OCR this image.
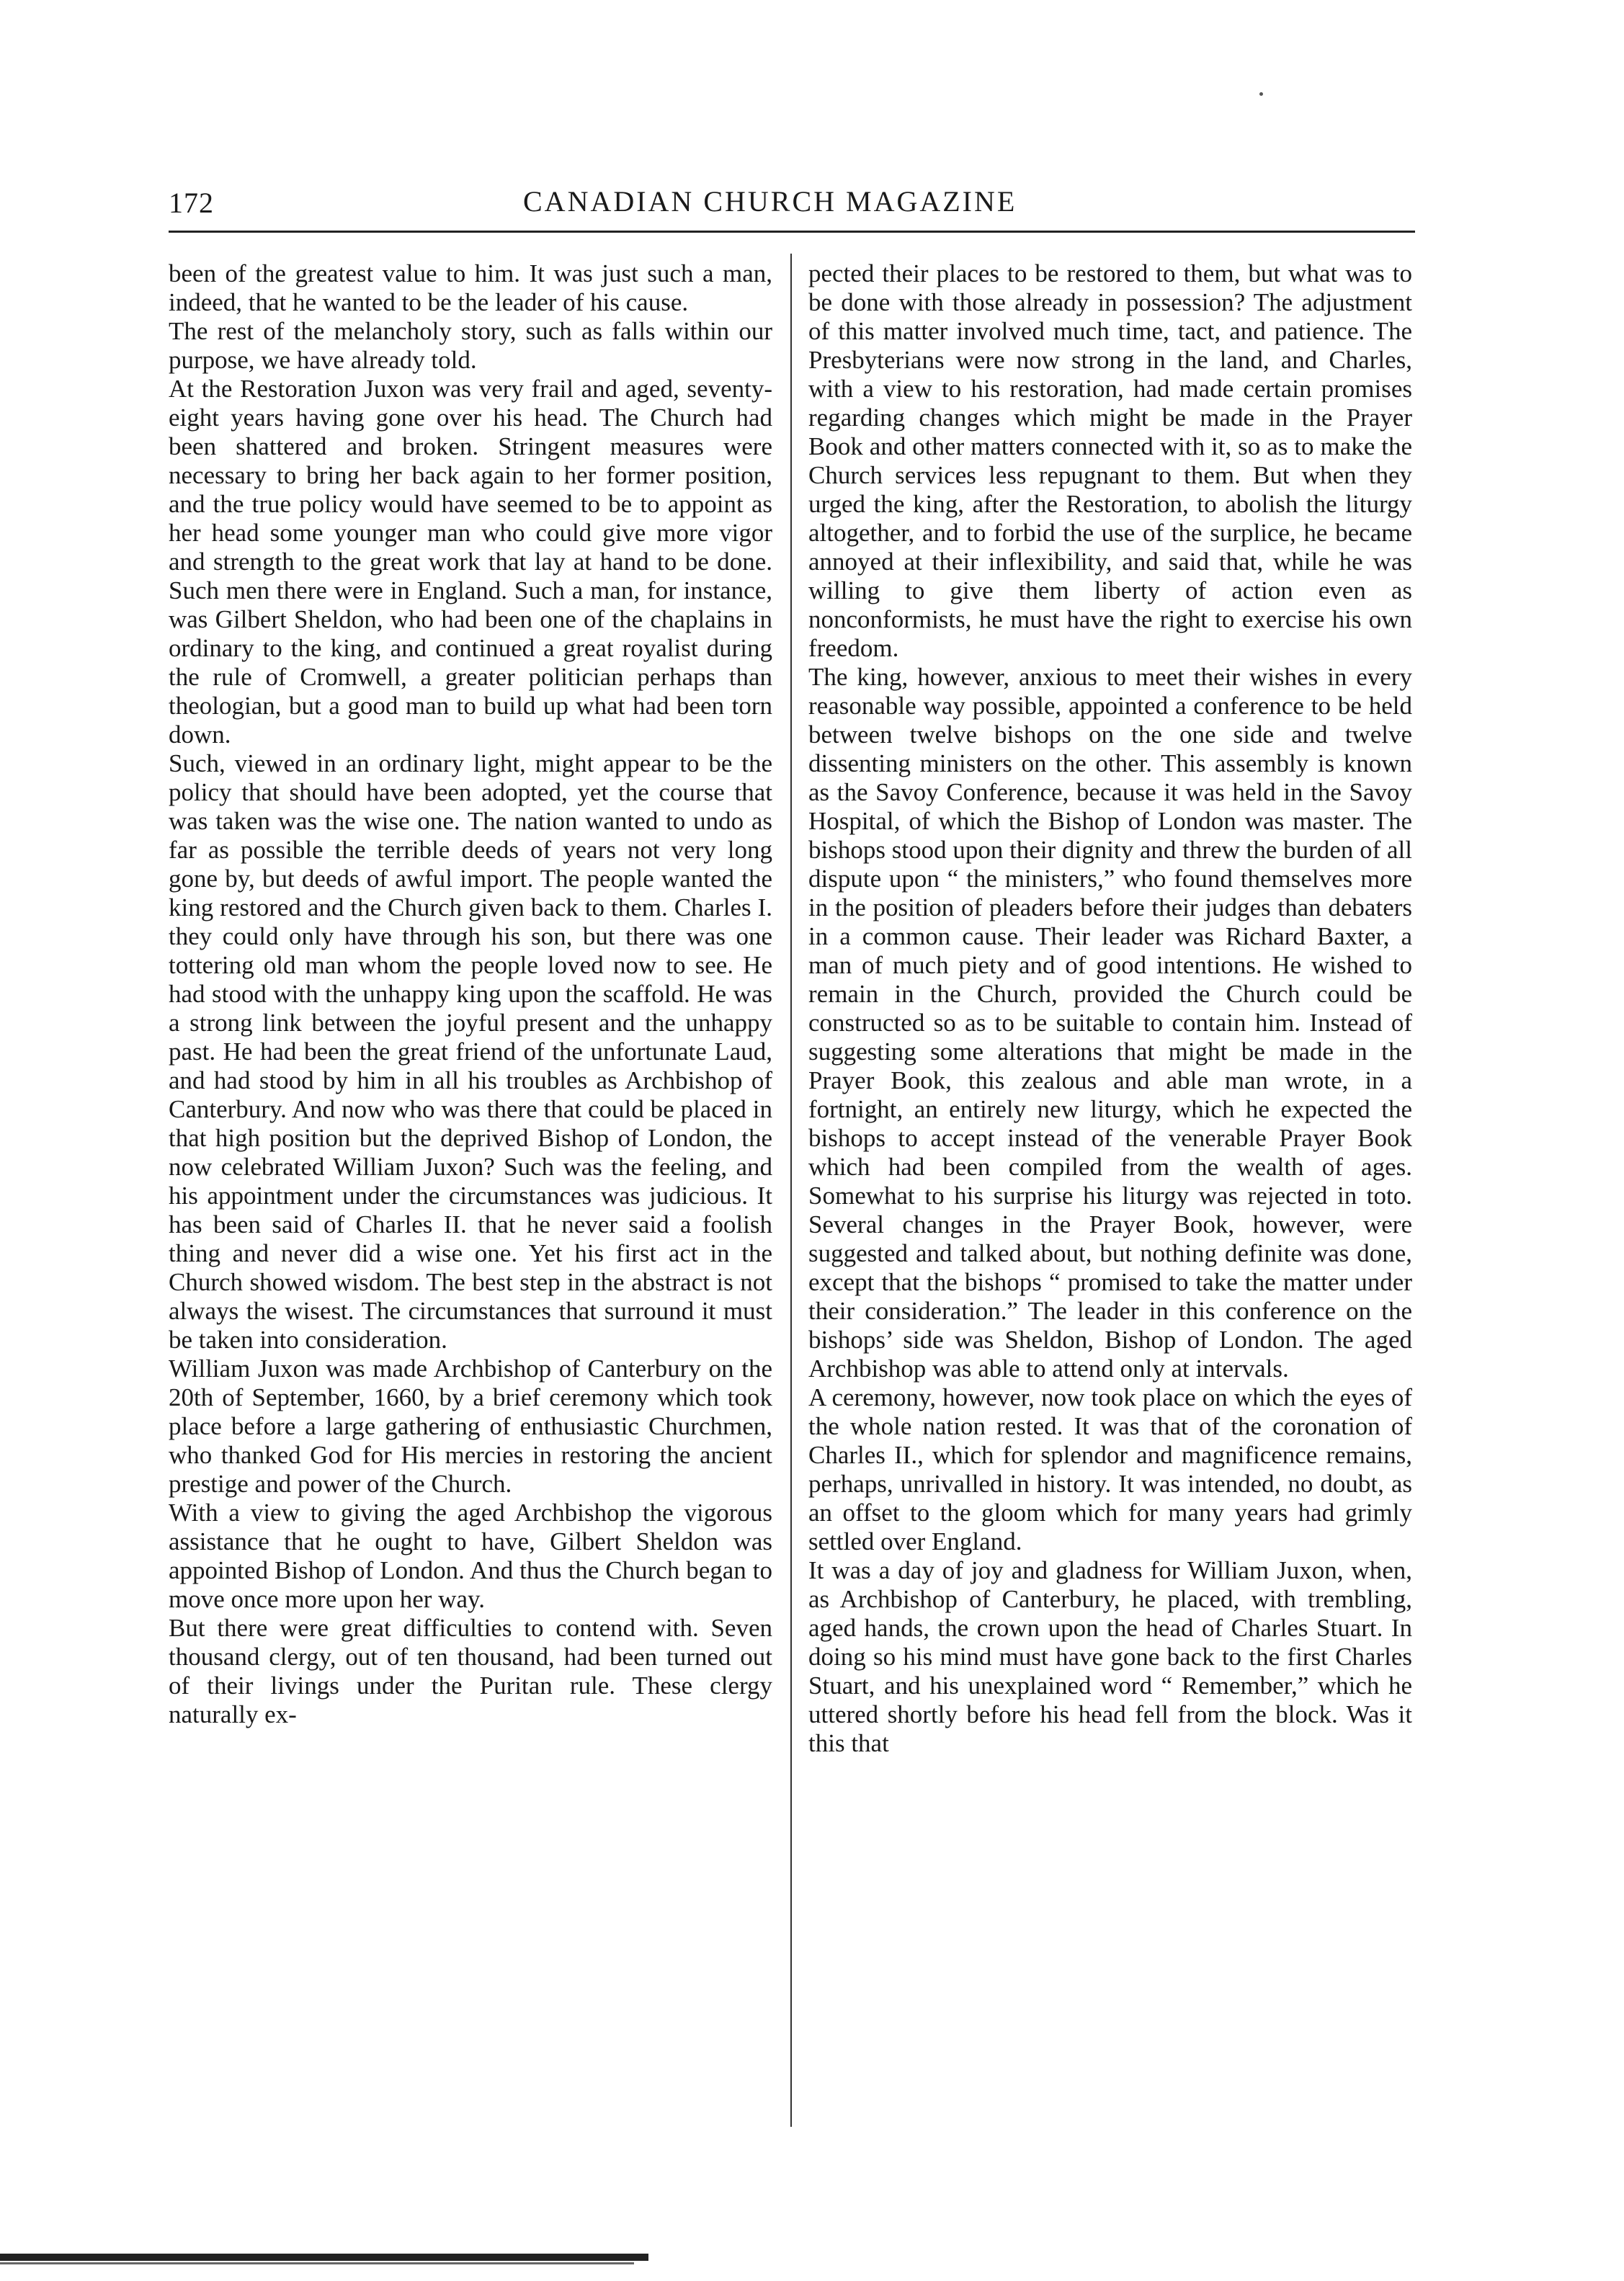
172	CANADIAN CHURCH MAGAZINE

been of the greatest value to him. It was just such a man, indeed, that he wanted to be the leader of his cause.

The rest of the melancholy story, such as falls within our purpose, we have already told.

At the Restoration Juxon was very frail and aged, seventy-eight years having gone over his head. The Church had been shattered and broken. Stringent measures were necessary to bring her back again to her former position, and the true policy would have seemed to be to appoint as her head some younger man who could give more vigor and strength to the great work that lay at hand to be done. Such men there were in England. Such a man, for instance, was Gilbert Sheldon, who had been one of the chaplains in ordinary to the king, and continued a great royalist during the rule of Cromwell, a greater politician perhaps than theologian, but a good man to build up what had been torn down.

Such, viewed in an ordinary light, might appear to be the policy that should have been adopted, yet the course that was taken was the wise one. The nation wanted to undo as far as possible the terrible deeds of years not very long gone by, but deeds of awful import. The people wanted the king restored and the Church given back to them. Charles I. they could only have through his son, but there was one tottering old man whom the people loved now to see. He had stood with the unhappy king upon the scaffold. He was a strong link between the joyful present and the unhappy past. He had been the great friend of the unfortunate Laud, and had stood by him in all his troubles as Archbishop of Canterbury. And now who was there that could be placed in that high position but the deprived Bishop of London, the now celebrated William Juxon? Such was the feeling, and his appointment under the circumstances was judicious. It has been said of Charles II. that he never said a foolish thing and never did a wise one. Yet his first act in the Church showed wisdom. The best step in the abstract is not always the wisest. The circumstances that surround it must be taken into consideration.

William Juxon was made Archbishop of Canterbury on the 20th of September, 1660, by a brief ceremony which took place before a large gathering of enthusiastic Churchmen, who thanked God for His mercies in restoring the ancient prestige and power of the Church.

With a view to giving the aged Archbishop the vigorous assistance that he ought to have, Gilbert Sheldon was appointed Bishop of London. And thus the Church began to move once more upon her way.

But there were great difficulties to contend with. Seven thousand clergy, out of ten thousand, had been turned out of their livings under the Puritan rule. These clergy naturally ex-

pected their places to be restored to them, but what was to be done with those already in possession? The adjustment of this matter involved much time, tact, and patience. The Presbyterians were now strong in the land, and Charles, with a view to his restoration, had made certain promises regarding changes which might be made in the Prayer Book and other matters connected with it, so as to make the Church services less repugnant to them. But when they urged the king, after the Restoration, to abolish the liturgy altogether, and to forbid the use of the surplice, he became annoyed at their inflexibility, and said that, while he was willing to give them liberty of action even as nonconformists, he must have the right to exercise his own freedom.

The king, however, anxious to meet their wishes in every reasonable way possible, appointed a conference to be held between twelve bishops on the one side and twelve dissenting ministers on the other. This assembly is known as the Savoy Conference, because it was held in the Savoy Hospital, of which the Bishop of London was master. The bishops stood upon their dignity and threw the burden of all dispute upon “ the ministers,” who found themselves more in the position of pleaders before their judges than debaters in a common cause. Their leader was Richard Baxter, a man of much piety and of good intentions. He wished to remain in the Church, provided the Church could be constructed so as to be suitable to contain him. Instead of suggesting some alterations that might be made in the Prayer Book, this zealous and able man wrote, in a fortnight, an entirely new liturgy, which he expected the bishops to accept instead of the venerable Prayer Book which had been compiled from the wealth of ages. Somewhat to his surprise his liturgy was rejected in toto. Several changes in the Prayer Book, however, were suggested and talked about, but nothing definite was done, except that the bishops “ promised to take the matter under their consideration.” The leader in this conference on the bishops’ side was Sheldon, Bishop of London. The aged Archbishop was able to attend only at intervals.

A ceremony, however, now took place on which the eyes of the whole nation rested. It was that of the coronation of Charles II., which for splendor and magnificence remains, perhaps, unrivalled in history. It was intended, no doubt, as an offset to the gloom which for many years had grimly settled over England.

It was a day of joy and gladness for William Juxon, when, as Archbishop of Canterbury, he placed, with trembling, aged hands, the crown upon the head of Charles Stuart. In doing so his mind must have gone back to the first Charles Stuart, and his unexplained word “ Remember,” which he uttered shortly before his head fell from the block. Was it this that
